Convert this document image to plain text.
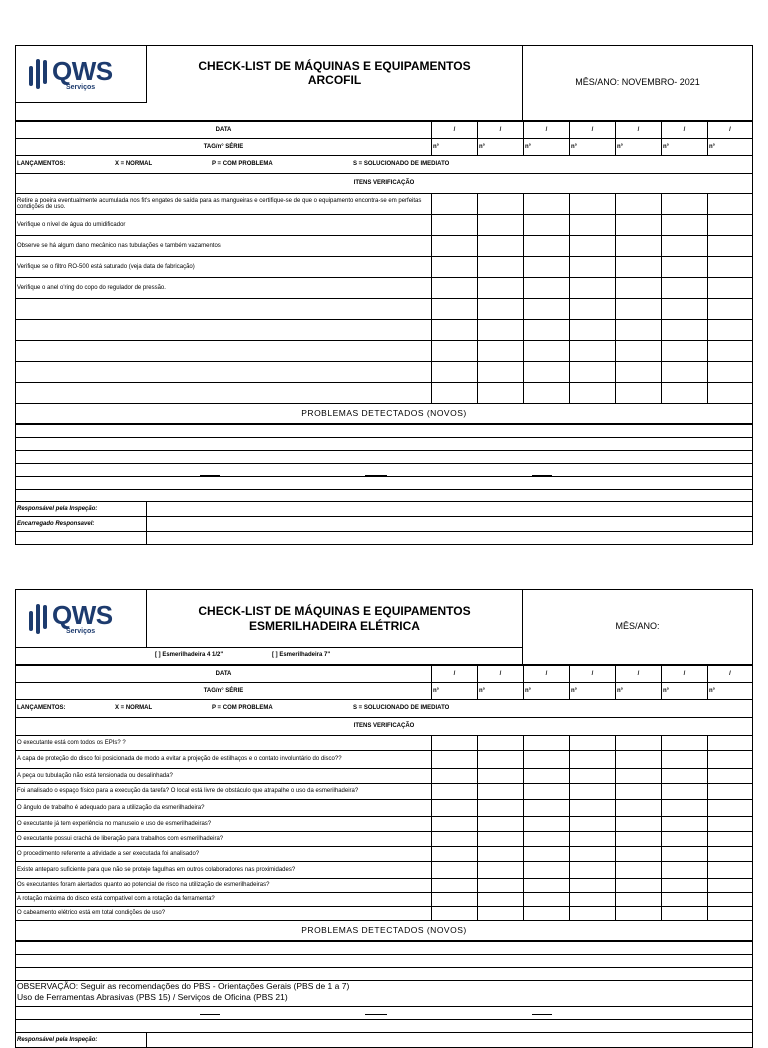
QWS
Serviços

CHECK-LIST DE MÁQUINAS E EQUIPAMENTOS
ARCOFIL	MÊS/ANO: NOVEMBRO- 2021

DATA	/	/	/	/	/	/	/
TAG/n° SÉRIE	n°	n°	n°	n°	n°	n°	n°

LANÇAMENTOS: X = NORMAL P = COM PROBLEMA S = SOLUCIONADO DE IMEDIATO							

ITENS VERIFICAÇÃO							
Retire a poeira eventualmente acumulada nos fit's engates de saída para as mangueiras e certifique-se de que o equipamento encontra-se em perfeitas condições de uso.							
Verifique o nível de água do umidificador							
Observe se há algum dano mecânico nas tubulações e também vazamentos							
Verifique se o filtro RO-500 está saturado (veja data de fabricação)							
Verifique o anel o'ring do copo do regulador de pressão.							

PROBLEMAS DETECTADOS (NOVOS)							

Responsável pela Inspeção:	
Encarregado Responsavel:	

QWS
Serviços

CHECK-LIST DE MÁQUINAS E EQUIPAMENTOS
ESMERILHADEIRA ELÉTRICA	MÊS/ANO:

[ ] Esmerilhadeira 4 1/2"	[ ] Esmerilhadeira 7"
DATA	/	/	/	/	/	/	/
TAG/n° SÉRIE	n°	n°	n°	n°	n°	n°	n°

LANÇAMENTOS: X = NORMAL P = COM PROBLEMA S = SOLUCIONADO DE IMEDIATO							

ITENS VERIFICAÇÃO							
O executante está com todos os EPIs? ?							
A capa de proteção do disco foi posicionada de modo a evitar a projeção de estilhaços e o contato involuntário do disco??							
A peça ou tubulação não está tensionada ou desalinhada?							
Foi analisado o espaço físico para a execução da tarefa? O local está livre de obstáculo que atrapalhe o uso da esmerilhadeira?							
O ângulo de trabalho é adequado para a utilização da esmerilhadeira?							
O executante já tem experiência no manuseio e uso de esmerilhadeiras?							
O executante possui crachá de liberação para trabalhos com esmerilhadeira?							
O procedimento referente a atividade a ser executada foi analisado?							
Existe anteparo suficiente para que não se proteje fagulhas em outros colaboradores nas proximidades?							
Os executantes foram alertados quanto ao potencial de risco na utilização de esmerilhadeiras?							
A rotação máxima do disco está compatível com a rotação da ferramenta?							
O cabeamento elétrico está em total condições de uso?							
PROBLEMAS DETECTADOS (NOVOS)							

OBSERVAÇÃO: Seguir as recomendações do PBS - Orientações Gerais (PBS de 1 a 7)
Uso de Ferramentas Abrasivas (PBS 15) / Serviços de Oficina (PBS 21)

Responsável pela Inspeção:	
